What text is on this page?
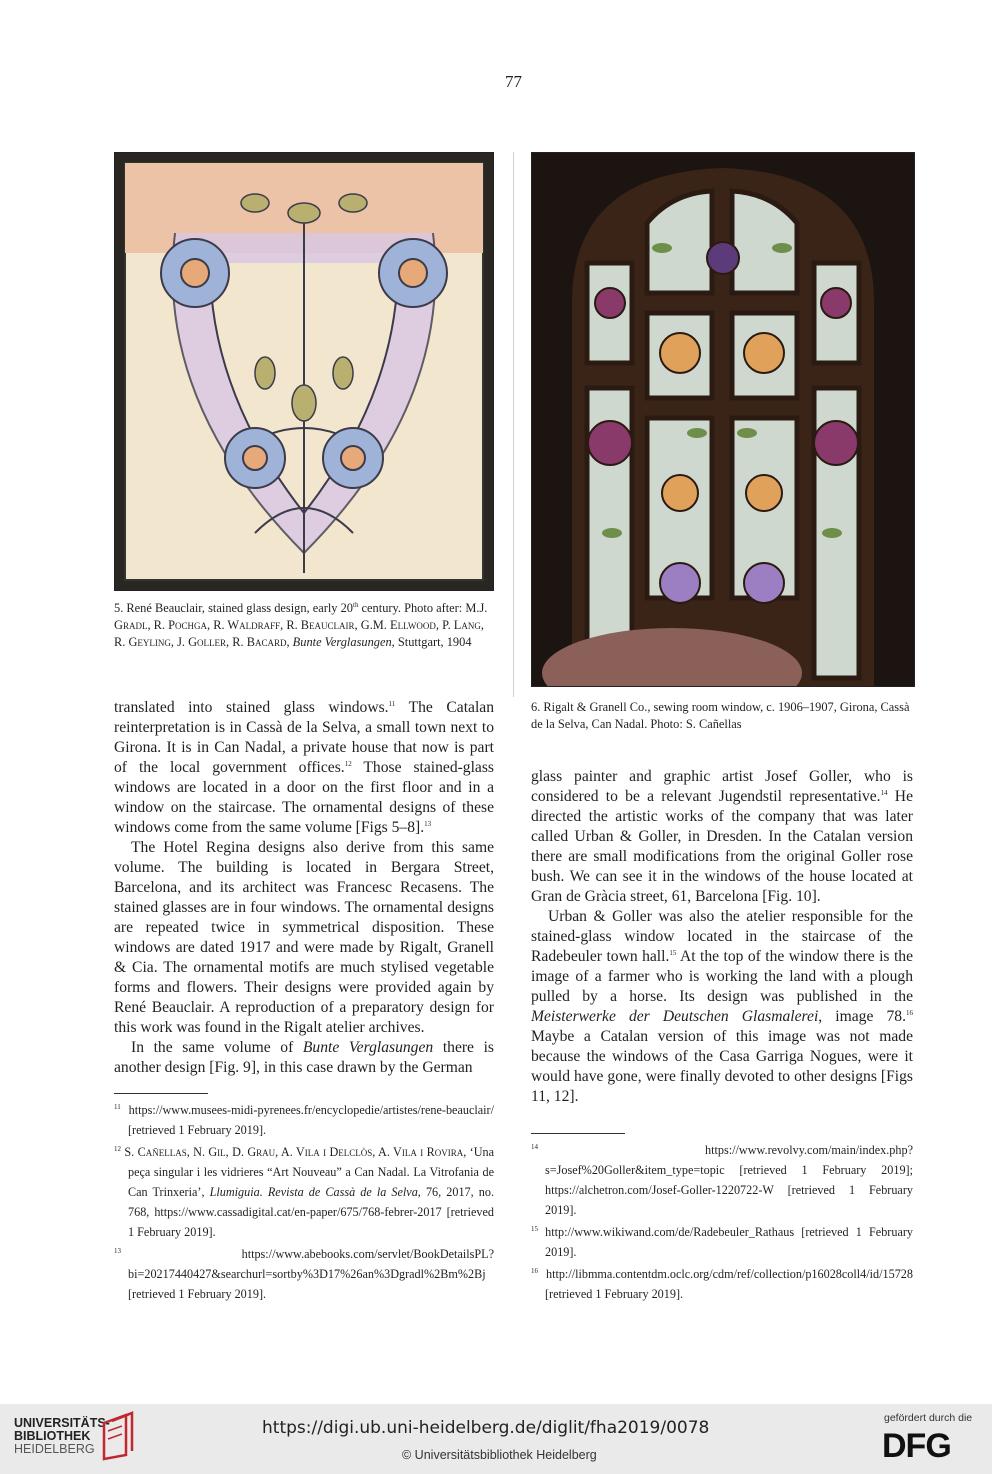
77
5. René Beauclair, stained glass design, early 20th century. Photo after: M.J. Gradl, R. Pochga, R. Waldraff, R. Beauclair, G.M. Ellwood, P. Lang, R. Geyling, J. Goller, R. Bacard, Bunte Verglasungen, Stuttgart, 1904
6. Rigalt & Granell Co., sewing room window, c. 1906–1907, Girona, Cassà de la Selva, Can Nadal. Photo: S. Cañellas

translated into stained glass windows.$^{11}$ The Catalan reinterpretation is in Cassà de la Selva, a small town next to Girona. It is in Can Nadal, a private house that now is part of the local government offices.$^{12}$ Those stained-glass windows are located in a door on the first floor and in a window on the staircase. The ornamental designs of these windows come from the same volume [Figs 5–8].$^{13}$

The Hotel Regina designs also derive from this same volume. The building is located in Bergara Street, Barcelona, and its architect was Francesc Recasens. The stained glasses are in four windows. The ornamental designs are repeated twice in symmetrical disposition. These windows are dated 1917 and were made by Rigalt, Granell & Cia. The ornamental motifs are much stylised vegetable forms and flowers. Their designs were provided again by René Beauclair. A reproduction of a preparatory design for this work was found in the Rigalt atelier archives.

In the same volume of Bunte Verglasungen there is another design [Fig. 9], in this case drawn by the German

glass painter and graphic artist Josef Goller, who is considered to be a relevant Jugendstil representative.$^{14}$ He directed the artistic works of the company that was later called Urban & Goller, in Dresden. In the Catalan version there are small modifications from the original Goller rose bush. We can see it in the windows of the house located at Gran de Gràcia street, 61, Barcelona [Fig. 10].

Urban & Goller was also the atelier responsible for the stained-glass window located in the staircase of the Radebeuler town hall.$^{15}$ At the top of the window there is the image of a farmer who is working the land with a plough pulled by a horse. Its design was published in the Meisterwerke der Deutschen Glasmalerei, image 78.16 Maybe a Catalan version of this image was not made because the windows of the Casa Garriga Nogues, were it would have gone, were finally devoted to other designs [Figs 11, 12].

$^{11}$ https://www.musees-midi-pyrenees.fr/encyclopedie/artistes/rene-beauclair/ [retrieved 1 February 2019].
$^{12}$ S. Cañellas, N. Gil, D. Grau, A. Vila i Delclòs, A. Vila i Rovira, ‘Una peça singular i les vidrieres “Art Nouveau” a Can Nadal. La Vitrofania de Can Trinxeria’, Llumiguia. Revista de Cassà de la Selva, 76, 2017, no. 768, https://www.cassadigital.cat/en-paper/675/768-febrer-2017 [retrieved 1 February 2019].
$^{13}$	https://www.abebooks.com/servlet/BookDetailsPL?bi=20217440427&searchurl=sortby%3D17%26an%3Dgradl%2Bm%2Bj [retrieved 1 February 2019].
$^{14}$	https://www.revolvy.com/main/index.php?s=Josef%20Goller&item_type=topic [retrieved 1 February 2019]; https://alchetron.com/Josef-Goller-1220722-W [retrieved 1 February 2019].
$^{15}$ http://www.wikiwand.com/de/Radebeuler_Rathaus [retrieved 1 February 2019].
$^{16}$ http://libmma.contentdm.oclc.org/cdm/ref/collection/p16028coll4/id/15728 [retrieved 1 February 2019].
UNIVERSITÄTS-
BIBLIOTHEK
HEIDELBERG
https://digi.ub.uni-heidelberg.de/diglit/fha2019/0078
© Universitätsbibliothek Heidelberg
gefördert durch die
DFG
